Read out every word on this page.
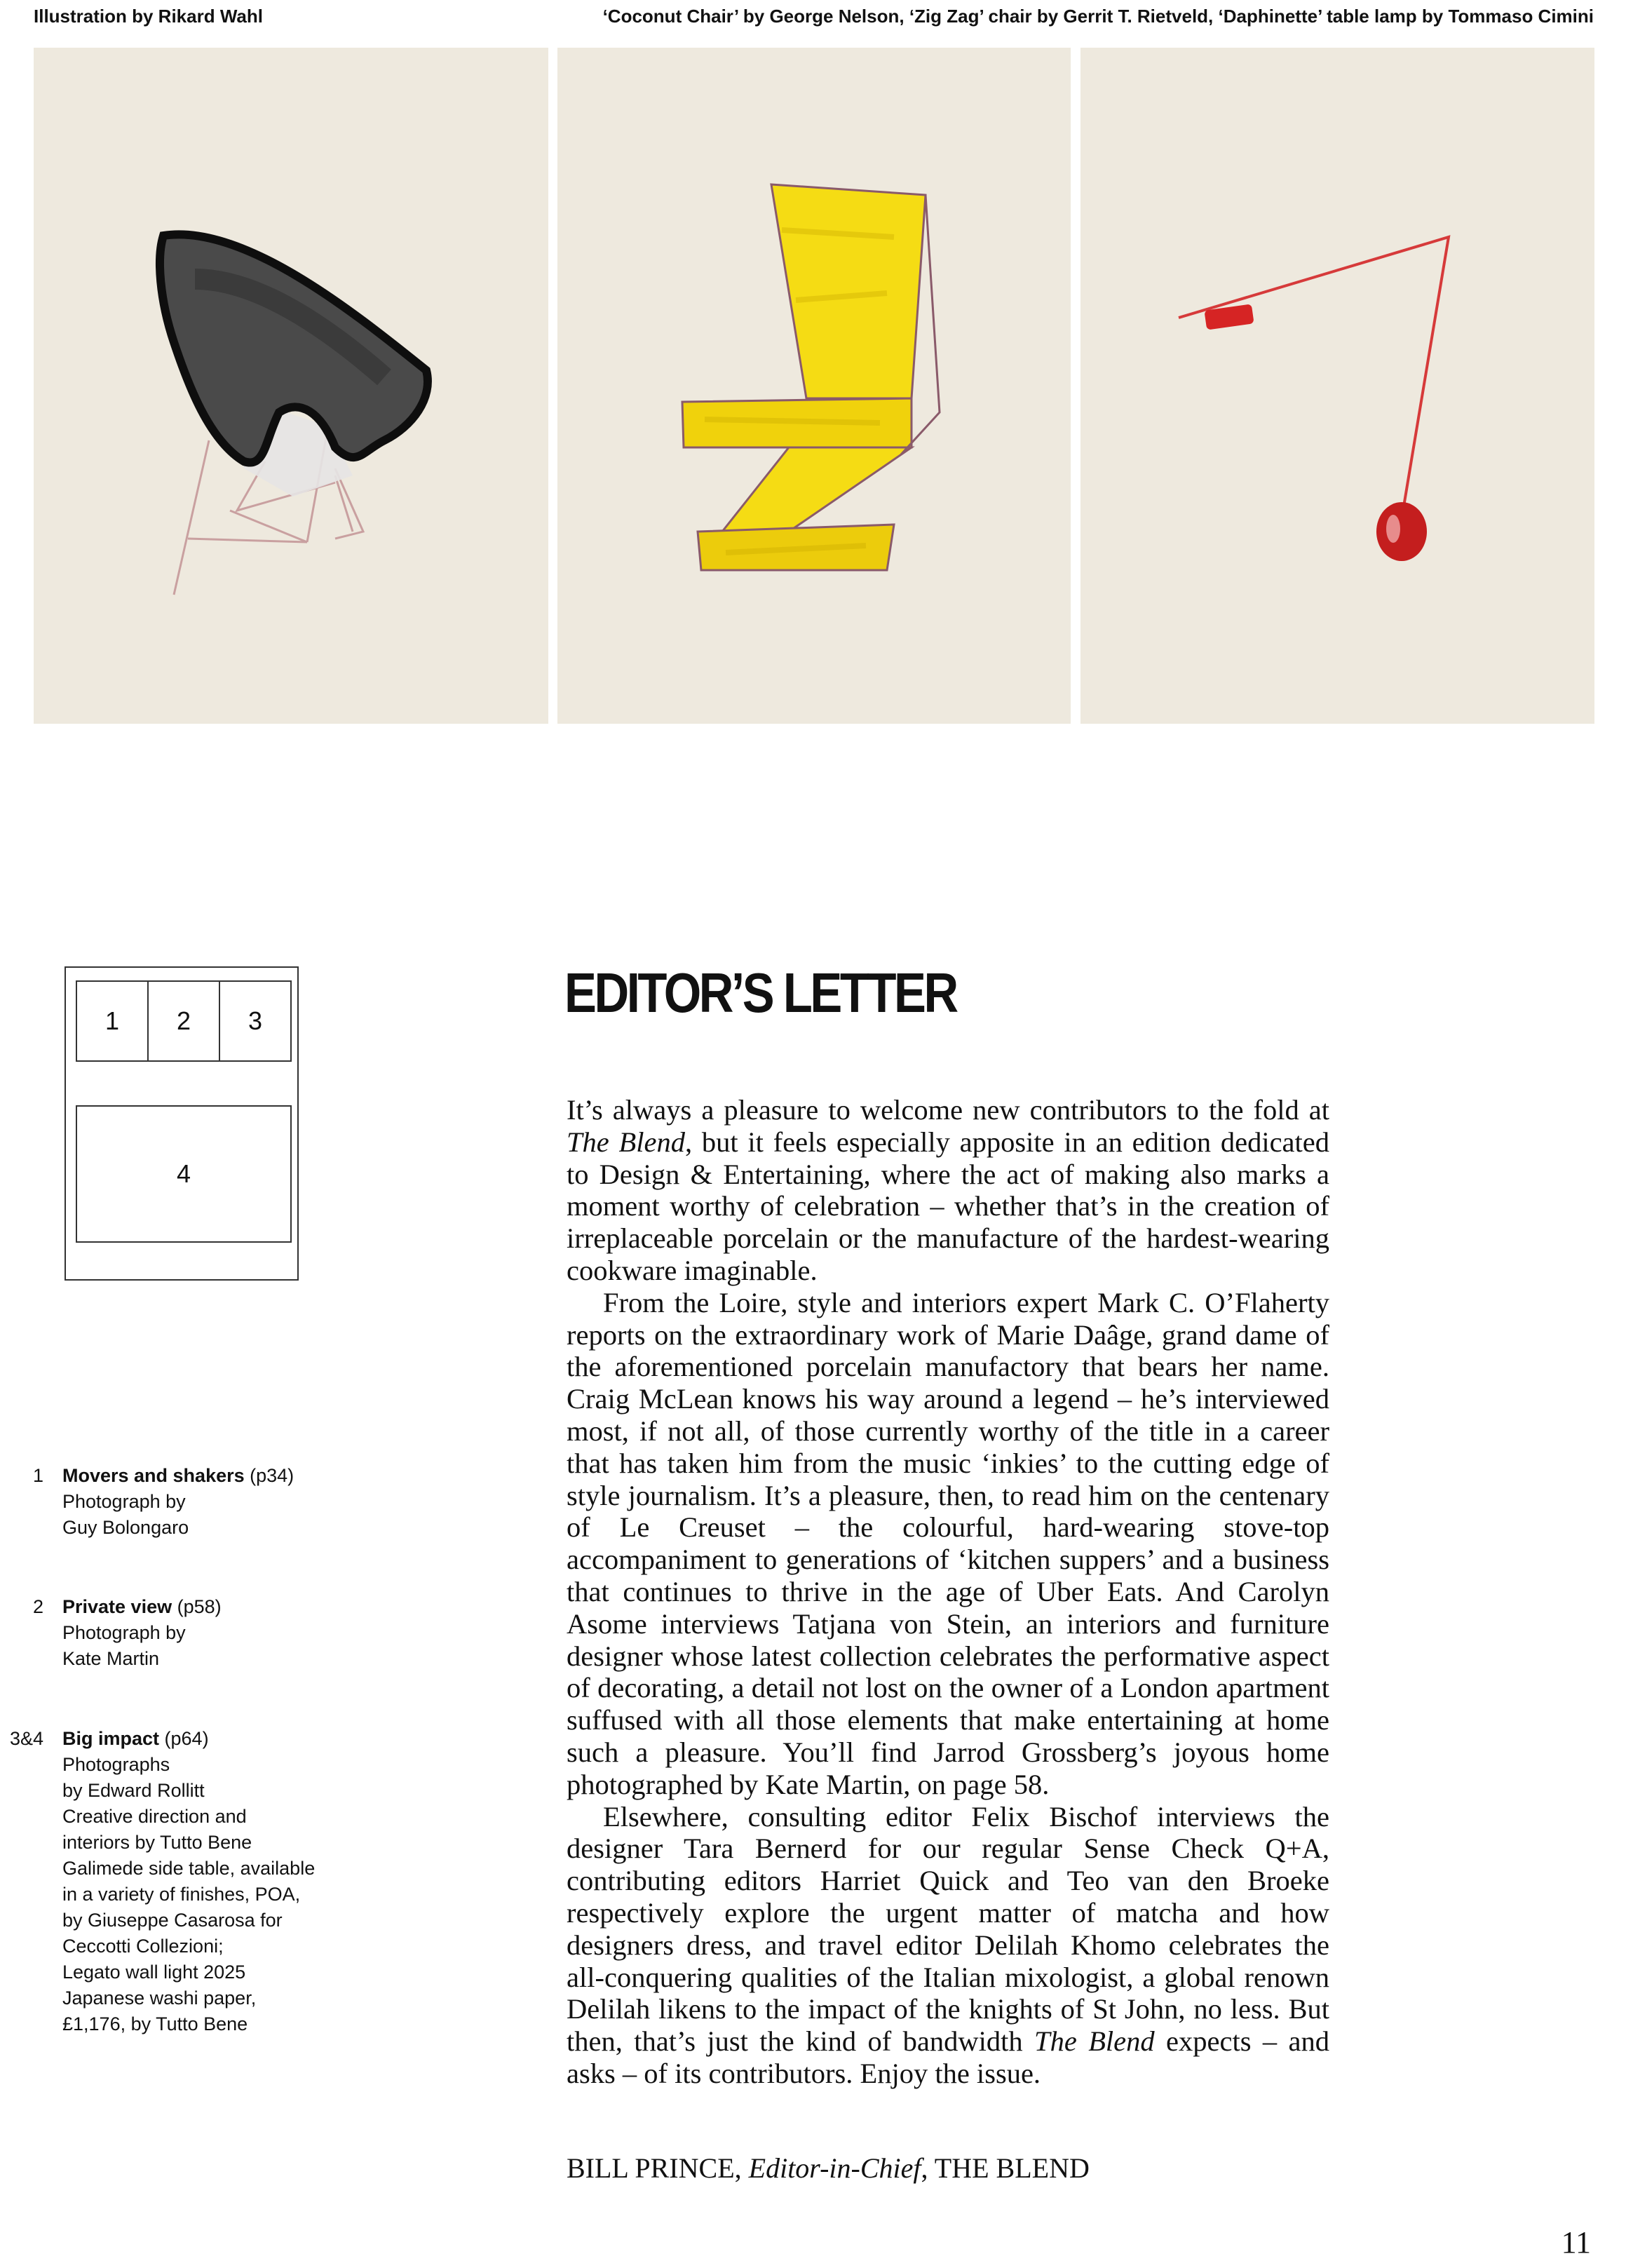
Illustration by Rikard Wahl	‘Coconut Chair’ by George Nelson, ‘Zig Zag’ chair by Gerrit T. Rietveld, ‘Daphinette’ table lamp by Tommaso Cimini
1	2	3
4
1 Movers and shakers (p34)
Photograph by
Guy Bolongaro
2 Private view (p58)
Photograph by
Kate Martin
3&4 Big impact (p64)
Photographs
by Edward Rollitt
Creative direction and
interiors by Tutto Bene
Galimede side table, available
in a variety of finishes, POA,
by Giuseppe Casarosa for
Ceccotti Collezioni;
Legato wall light 2025
Japanese washi paper,
£1,176, by Tutto Bene
EDITOR’S LETTER

It’s always a pleasure to welcome new contributors to the fold at The Blend, but it feels especially apposite in an edition dedicated to Design & Entertaining, where the act of making also marks a moment worthy of celebration – whether that’s in the creation of irreplaceable porcelain or the manufacture of the hardest-wearing cookware imaginable.

From the Loire, style and interiors expert Mark C. O’Flaherty reports on the extraordinary work of Marie Daâge, grand dame of the aforementioned porcelain manufactory that bears her name. Craig McLean knows his way around a legend – he’s interviewed most, if not all, of those currently worthy of the title in a career that has taken him from the music ‘inkies’ to the cutting edge of style journalism. It’s a pleasure, then, to read him on the centenary of Le Creuset – the colourful, hard-wearing stove-top accompaniment to generations of ‘kitchen suppers’ and a business that continues to thrive in the age of Uber Eats. And Carolyn Asome interviews Tatjana von Stein, an interiors and furniture designer whose latest collection celebrates the performative aspect of decorating, a detail not lost on the owner of a London apartment suffused with all those elements that make entertaining at home such a pleasure. You’ll find Jarrod Grossberg’s joyous home photographed by Kate Martin, on page 58.

Elsewhere, consulting editor Felix Bischof interviews the designer Tara Bernerd for our regular Sense Check Q+A, contributing editors Harriet Quick and Teo van den Broeke respectively explore the urgent matter of matcha and how designers dress, and travel editor Delilah Khomo celebrates the all-conquering qualities of the Italian mixologist, a global renown Delilah likens to the impact of the knights of St John, no less. But then, that’s just the kind of bandwidth The Blend expects – and asks – of its contributors. Enjoy the issue.

BILL PRINCE, Editor-in-Chief, THE BLEND
11
